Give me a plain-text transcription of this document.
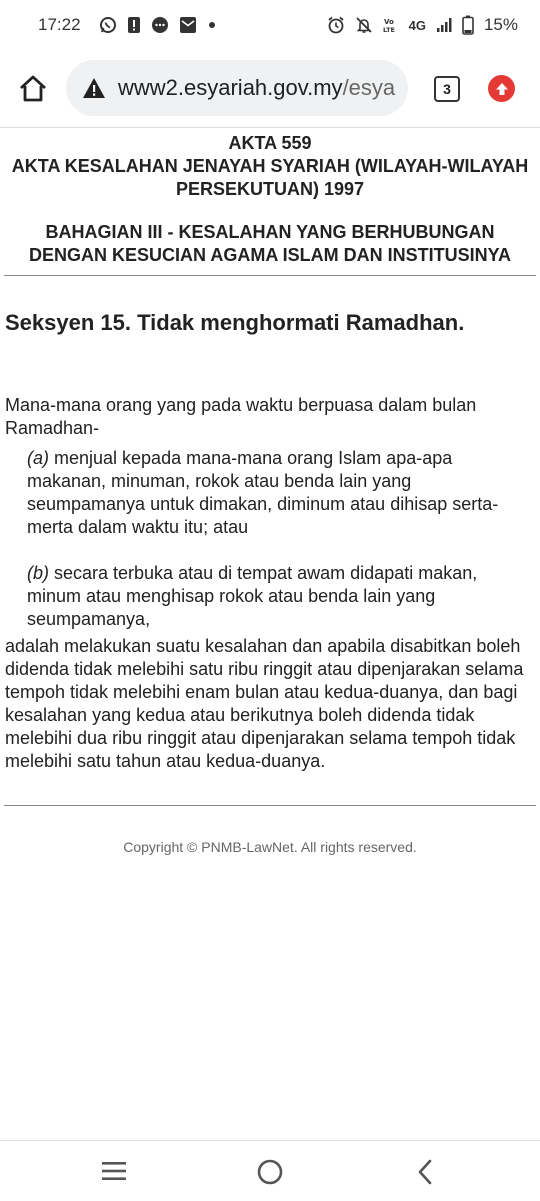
17:22	Vo
LTE 4G	15%
www2.esyariah.gov.my/esya	3
AKTA 559
AKTA KESALAHAN JENAYAH SYARIAH (WILAYAH-WILAYAH PERSEKUTUAN) 1997
BAHAGIAN III - KESALAHAN YANG BERHUBUNGAN DENGAN KESUCIAN AGAMA ISLAM DAN INSTITUSINYA
Seksyen 15. Tidak menghormati Ramadhan.
Mana-mana orang yang pada waktu berpuasa dalam bulan Ramadhan-
(a) menjual kepada mana-mana orang Islam apa-apa makanan, minuman, rokok atau benda lain yang seumpamanya untuk dimakan, diminum atau dihisap serta-merta dalam waktu itu; atau
(b) secara terbuka atau di tempat awam didapati makan, minum atau menghisap rokok atau benda lain yang seumpamanya,
adalah melakukan suatu kesalahan dan apabila disabitkan boleh didenda tidak melebihi satu ribu ringgit atau dipenjarakan selama tempoh tidak melebihi enam bulan atau kedua-duanya, dan bagi kesalahan yang kedua atau berikutnya boleh didenda tidak melebihi dua ribu ringgit atau dipenjarakan selama tempoh tidak melebihi satu tahun atau kedua-duanya.
Copyright © PNMB-LawNet. All rights reserved.
